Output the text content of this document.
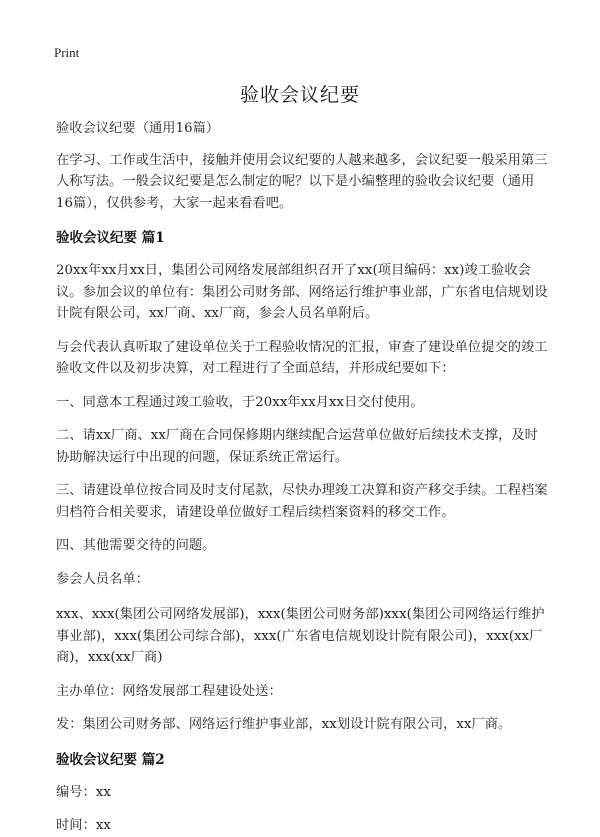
Print
验收会议纪要

验收会议纪要（通用16篇）

在学习、工作或生活中，接触并使用会议纪要的人越来越多，会议纪要一般采用第三人称写法。一般会议纪要是怎么制定的呢？以下是小编整理的验收会议纪要（通用16篇），仅供参考，大家一起来看看吧。

验收会议纪要 篇1

20xx年xx月xx日，集团公司网络发展部组织召开了xx(项目编码：xx)竣工验收会议。参加会议的单位有：集团公司财务部、网络运行维护事业部，广东省电信规划设计院有限公司，xx厂商、xx厂商，参会人员名单附后。

与会代表认真听取了建设单位关于工程验收情况的汇报，审查了建设单位提交的竣工验收文件以及初步决算，对工程进行了全面总结，并形成纪要如下：

一、同意本工程通过竣工验收，于20xx年xx月xx日交付使用。

二、请xx厂商、xx厂商在合同保修期内继续配合运营单位做好后续技术支撑，及时协助解决运行中出现的问题，保证系统正常运行。

三、请建设单位按合同及时支付尾款，尽快办理竣工决算和资产移交手续。工程档案归档符合相关要求，请建设单位做好工程后续档案资料的移交工作。

四、其他需要交待的问题。

参会人员名单：

xxx、xxx(集团公司网络发展部)，xxx(集团公司财务部)xxx(集团公司网络运行维护事业部)，xxx(集团公司综合部)，xxx(广东省电信规划设计院有限公司)，xxx(xx厂商)，xxx(xx厂商)

主办单位：网络发展部工程建设处送：

发：集团公司财务部、网络运行维护事业部，xx划设计院有限公司，xx厂商。

验收会议纪要 篇2

编号：xx

时间：xx
